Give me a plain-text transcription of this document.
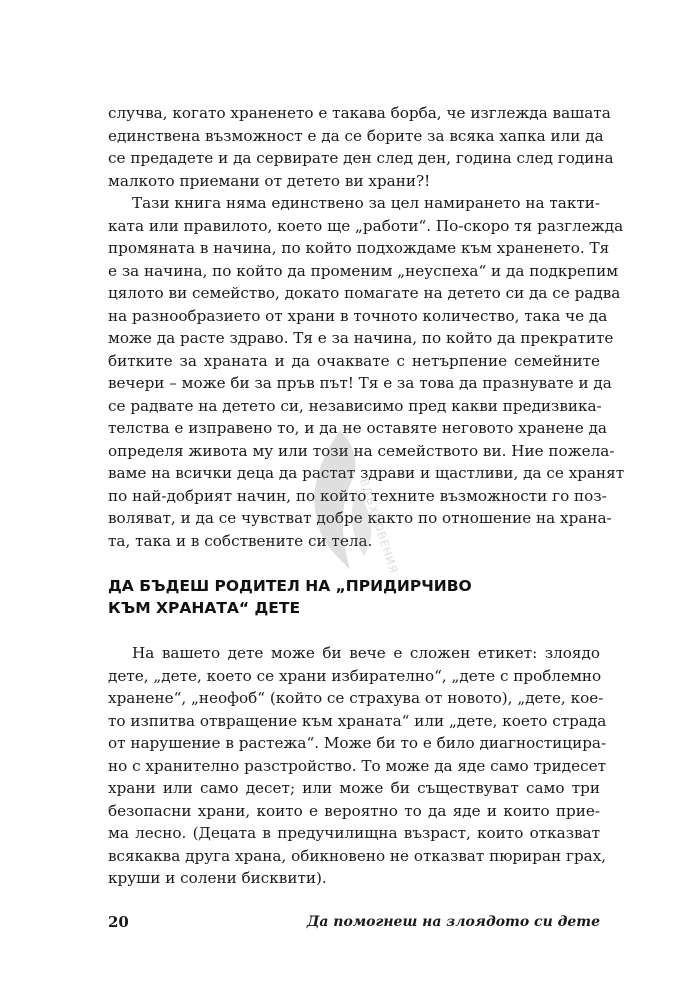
случва, когато храненето е такава борба, че изглежда вашата
единствена възможност е да се борите за всяка хапка или да
се предадете и да сервирате ден след ден, година след година
малкото приемани от детето ви храни?!
Тази книга няма единствено за цел намирането на такти-
ката или правилото, което ще „работи“. По-скоро тя разглежда
промяната в начина, по който подхождаме към храненето. Тя
е за начина, по който да променим „неуспеха“ и да подкрепим
цялото ви семейство, докато помагате на детето си да се радва
на разнообразието от храни в точното количество, така че да
може да расте здраво. Тя е за начина, по който да прекратите
битките за храната и да очаквате с нетърпение семейните
вечери – може би за пръв път! Тя е за това да празнувате и да
се радвате на детето си, независимо пред какви предизвика-
телства е изправено то, и да не оставяте неговото хранене да
определя живота му или този на семейството ви. Ние пожела-
ваме на всички деца да растат здрави и щастливи, да се хранят
по най-добрият начин, по който техните възможности го поз-
воляват, и да се чувстват добре както по отношение на храна-
та, така и в собствените си тела.
ДА БЪДЕШ РОДИТЕЛ НА „ПРИДИРЧИВО
КЪМ ХРАНАТА“ ДЕТЕ
На вашето дете може би вече е сложен етикет: злоядо
дете, „дете, което се храни избирателно“, „дете с проблемно
хранене“, „неофоб“ (който се страхува от новото), „дете, кое-
то изпитва отвращение към храната“ или „дете, което страда
от нарушение в растежа“. Може би то е било диагностицира-
но с хранително разстройство. То може да яде само тридесет
храни или само десет; или може би съществуват само три
безопасни храни, които е вероятно то да яде и които прие-
ма лесно. (Децата в предучилищна възраст, които отказват
всякаква друга храна, обикновено не отказват пюриран грах,
круши и солени бисквити).
ВДЪХНОВЕНИЯ
20	Да помогнеш на злоядото си дете
